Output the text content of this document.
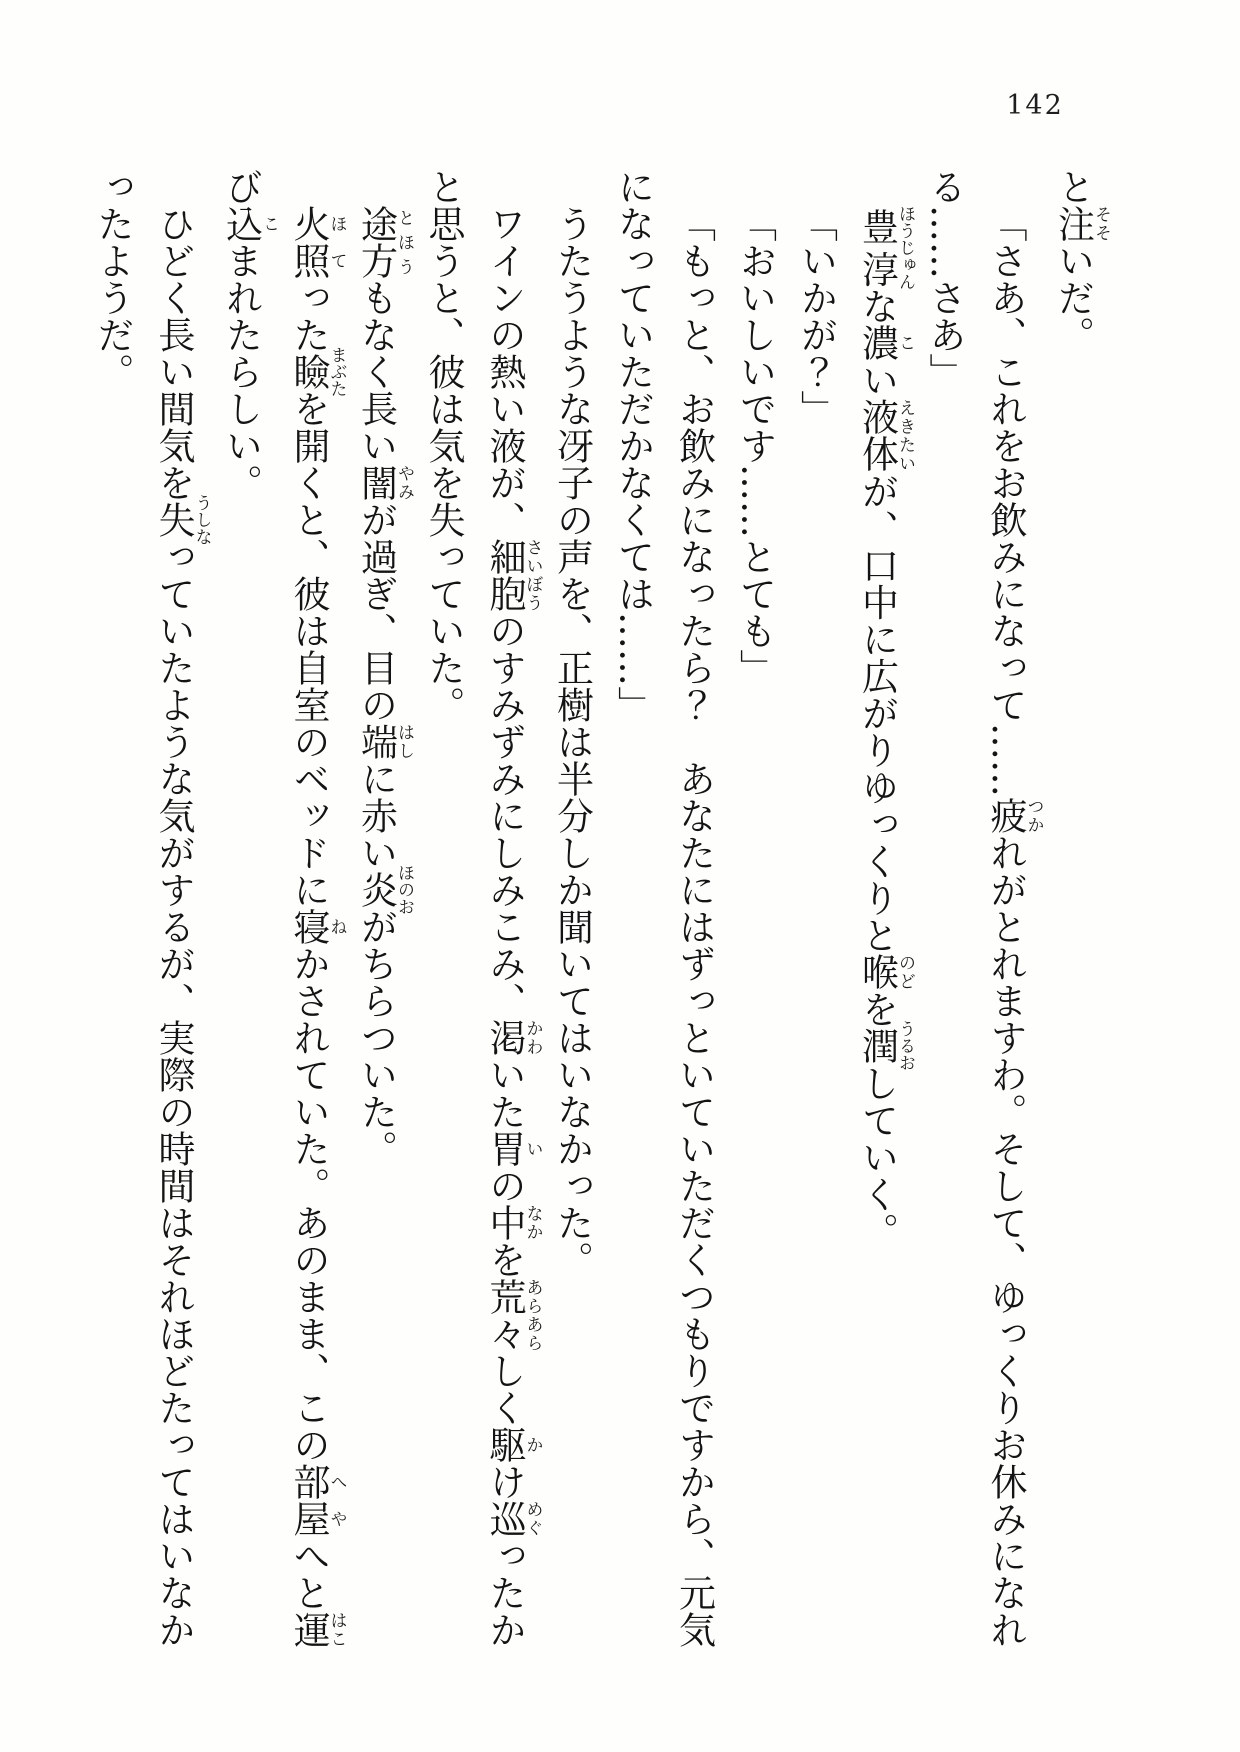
142

と注そそいだ。

「さあ、これをお飲みになって……疲つかれがとれますわ。そして、ゆっくりお休みになれ

る……さあ」

豊淳ほうじゅんな濃こい液体えきたいが、口中に広がりゆっくりと喉のどを潤うるおしていく。

「いかが？」

「おいしいです……とても」

「もっと、お飲みになったら？　あなたにはずっといていただくつもりですから、元気

になっていただかなくては……」

うたうような冴子の声を、正樹は半分しか聞いてはいなかった。

ワインの熱い液が、細胞さいぼうのすみずみにしみこみ、渇かわいた胃いの中なかを荒々あらあらしく駆かけ巡めぐったか

と思うと、彼は気を失っていた。

途方とほうもなく長い闇やみが過ぎ、目の端はしに赤い炎ほのおがちらついた。

火照ほてった瞼まぶたを開くと、彼は自室のベッドに寝ねかされていた。あのまま、この部屋へやへと運はこ

び込こまれたらしい。

ひどく長い間気を失うしなっていたような気がするが、実際の時間はそれほどたってはいなか

ったようだ。
